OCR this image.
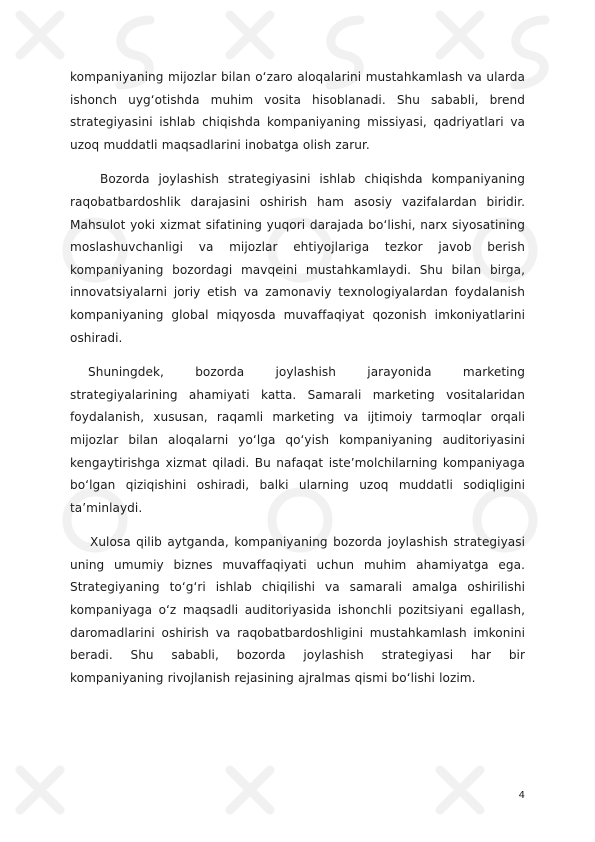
kompaniyaning mijozlar bilan o‘zaro aloqalarini mustahkamlash va ularda ishonch uyg‘otishda muhim vosita hisoblanadi. Shu sababli, brend strategiyasini ishlab chiqishda kompaniyaning missiyasi, qadriyatlari va uzoq muddatli maqsadlarini inobatga olish zarur.

Bozorda joylashish strategiyasini ishlab chiqishda kompaniyaning raqobatbardoshlik darajasini oshirish ham asosiy vazifalardan biridir. Mahsulot yoki xizmat sifatining yuqori darajada bo‘lishi, narx siyosatining moslashuvchanligi va mijozlar ehtiyojlariga tezkor javob berish kompaniyaning bozordagi mavqeini mustahkamlaydi. Shu bilan birga, innovatsiyalarni joriy etish va zamonaviy texnologiyalardan foydalanish kompaniyaning global miqyosda muvaffaqiyat qozonish imkoniyatlarini oshiradi.

Shuningdek, bozorda joylashish jarayonida marketing strategiyalarining ahamiyati katta. Samarali marketing vositalaridan foydalanish, xususan, raqamli marketing va ijtimoiy tarmoqlar orqali mijozlar bilan aloqalarni yo‘lga qo‘yish kompaniyaning auditoriyasini kengaytirishga xizmat qiladi. Bu nafaqat iste’molchilarning kompaniyaga bo‘lgan qiziqishini oshiradi, balki ularning uzoq muddatli sodiqligini ta’minlaydi.

Xulosa qilib aytganda, kompaniyaning bozorda joylashish strategiyasi uning umumiy biznes muvaffaqiyati uchun muhim ahamiyatga ega. Strategiyaning to‘g‘ri ishlab chiqilishi va samarali amalga oshirilishi kompaniyaga o‘z maqsadli auditoriyasida ishonchli pozitsiyani egallash, daromadlarini oshirish va raqobatbardoshligini mustahkamlash imkonini beradi. Shu sababli, bozorda joylashish strategiyasi har bir kompaniyaning rivojlanish rejasining ajralmas qismi bo‘lishi lozim.

4
